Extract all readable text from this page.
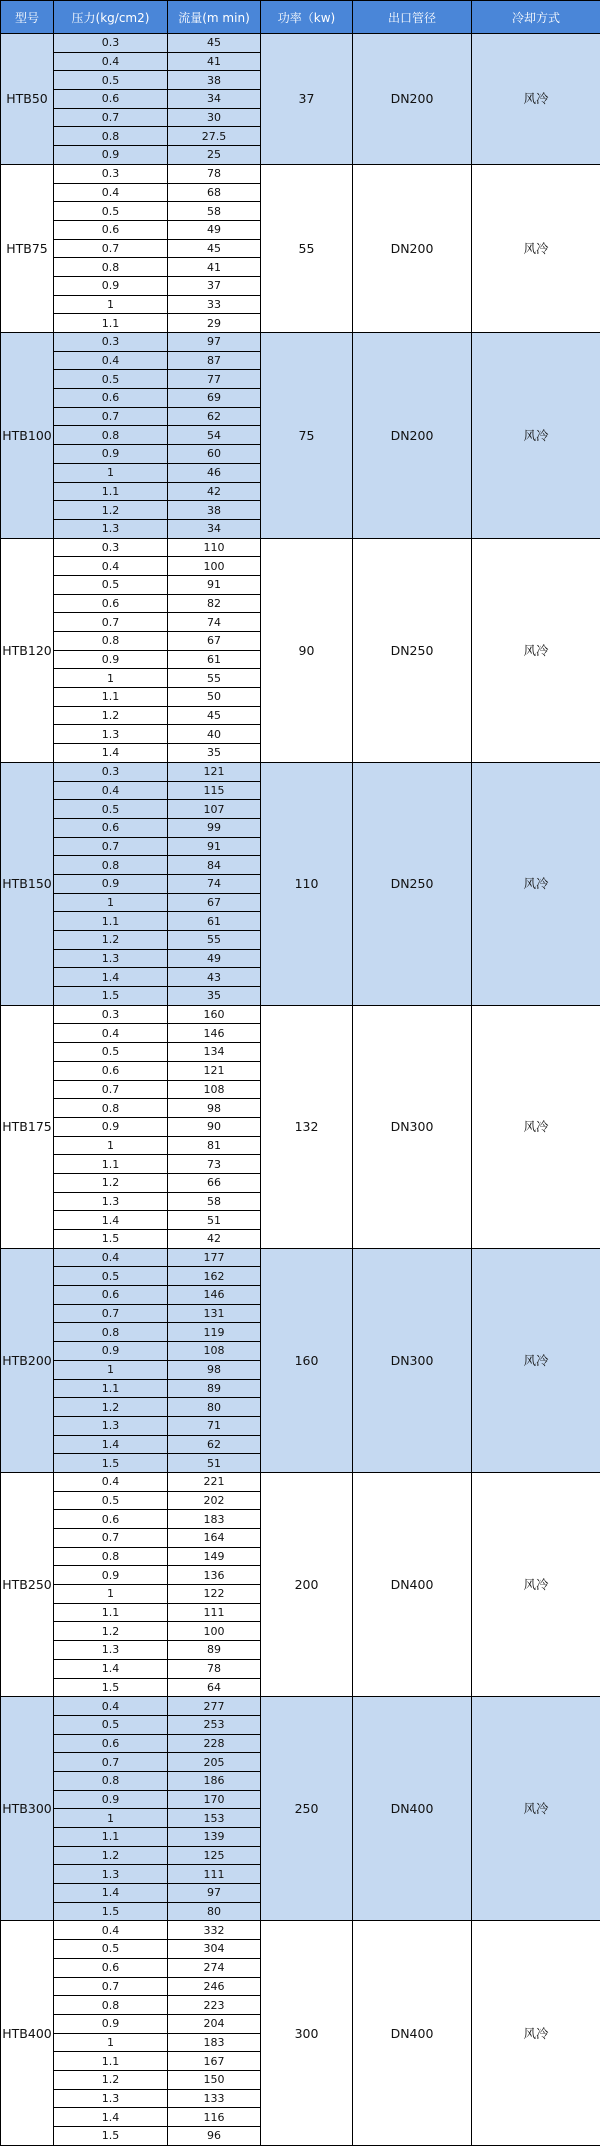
型号	压力(kg/cm2)	流量(m min)	功率（kw)	出口管径	冷却方式
HTB50	0.3	45	37	DN200	风冷
	0.4	41			
	0.5	38			
	0.6	34			
	0.7	30			
	0.8	27.5			
	0.9	25			
HTB75	0.3	78	55	DN200	风冷
	0.4	68			
	0.5	58			
	0.6	49			
	0.7	45			
	0.8	41			
	0.9	37			
	1	33			
	1.1	29			
HTB100	0.3	97	75	DN200	风冷
	0.4	87			
	0.5	77			
	0.6	69			
	0.7	62			
	0.8	54			
	0.9	60			
	1	46			
	1.1	42			
	1.2	38			
	1.3	34			
HTB120	0.3	110	90	DN250	风冷
	0.4	100			
	0.5	91			
	0.6	82			
	0.7	74			
	0.8	67			
	0.9	61			
	1	55			
	1.1	50			
	1.2	45			
	1.3	40			
	1.4	35			
HTB150	0.3	121	110	DN250	风冷
	0.4	115			
	0.5	107			
	0.6	99			
	0.7	91			
	0.8	84			
	0.9	74			
	1	67			
	1.1	61			
	1.2	55			
	1.3	49			
	1.4	43			
	1.5	35			
HTB175	0.3	160	132	DN300	风冷
	0.4	146			
	0.5	134			
	0.6	121			
	0.7	108			
	0.8	98			
	0.9	90			
	1	81			
	1.1	73			
	1.2	66			
	1.3	58			
	1.4	51			
	1.5	42			
HTB200	0.4	177	160	DN300	风冷
	0.5	162			
	0.6	146			
	0.7	131			
	0.8	119			
	0.9	108			
	1	98			
	1.1	89			
	1.2	80			
	1.3	71			
	1.4	62			
	1.5	51			
HTB250	0.4	221	200	DN400	风冷
	0.5	202			
	0.6	183			
	0.7	164			
	0.8	149			
	0.9	136			
	1	122			
	1.1	111			
	1.2	100			
	1.3	89			
	1.4	78			
	1.5	64			
HTB300	0.4	277	250	DN400	风冷
	0.5	253			
	0.6	228			
	0.7	205			
	0.8	186			
	0.9	170			
	1	153			
	1.1	139			
	1.2	125			
	1.3	111			
	1.4	97			
	1.5	80			
HTB400	0.4	332	300	DN400	风冷
	0.5	304			
	0.6	274			
	0.7	246			
	0.8	223			
	0.9	204			
	1	183			
	1.1	167			
	1.2	150			
	1.3	133			
	1.4	116			
	1.5	96			
